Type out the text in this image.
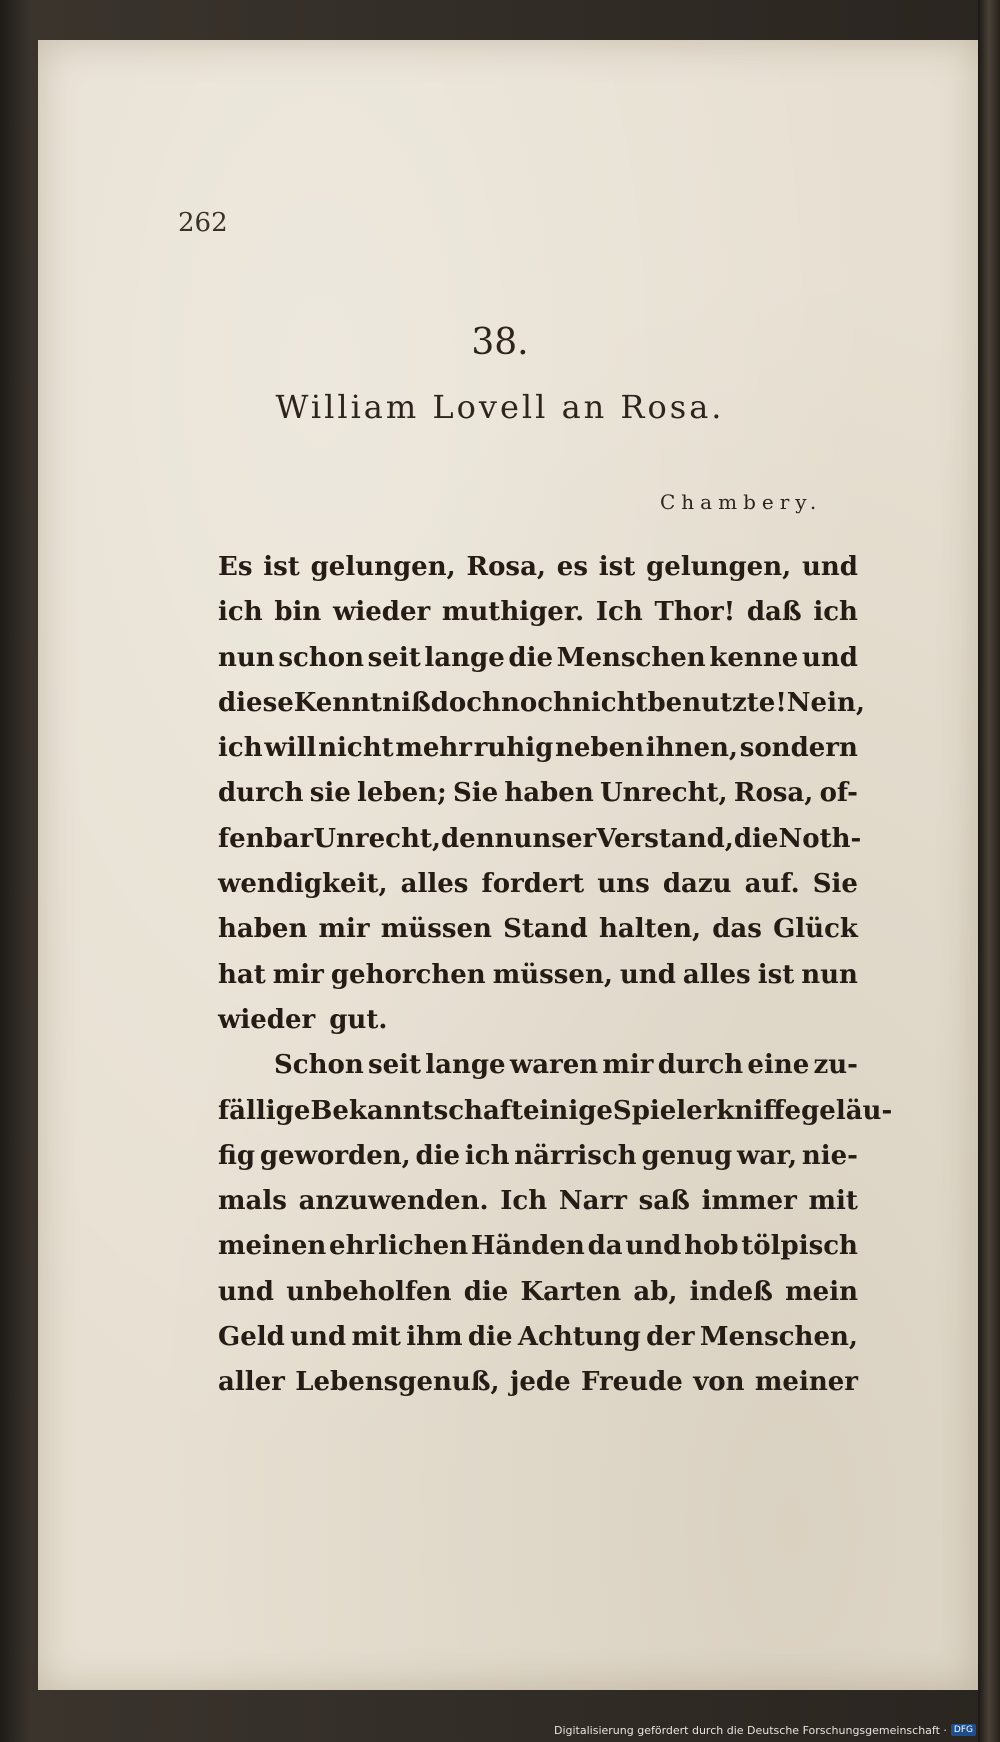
262
38.
William Lovell an Rosa.
Chambery.
Es ist gelungen, Rosa, es ist gelungen, und
ich bin wieder muthiger. Ich Thor! daß ich
nun schon seit lange die Menschen kenne und
diese Kenntniß doch noch nicht benutzte! Nein,
ich will nicht mehr ruhig neben ihnen, sondern
durch sie leben; Sie haben Unrecht, Rosa, of-
fenbar Unrecht, denn unser Verstand, die Noth-
wendigkeit, alles fordert uns dazu auf. Sie
haben mir müssen Stand halten, das Glück
hat mir gehorchen müssen, und alles ist nun
wieder gut.
Schon seit lange waren mir durch eine zu-
fällige Bekanntschaft einige Spielerkniffe geläu-
fig geworden, die ich närrisch genug war, nie-
mals anzuwenden. Ich Narr saß immer mit
meinen ehrlichen Händen da und hob tölpisch
und unbeholfen die Karten ab, indeß mein
Geld und mit ihm die Achtung der Menschen,
aller Lebensgenuß, jede Freude von meiner
Digitalisierung gefördert durch die Deutsche Forschungsgemeinschaft · DFG
